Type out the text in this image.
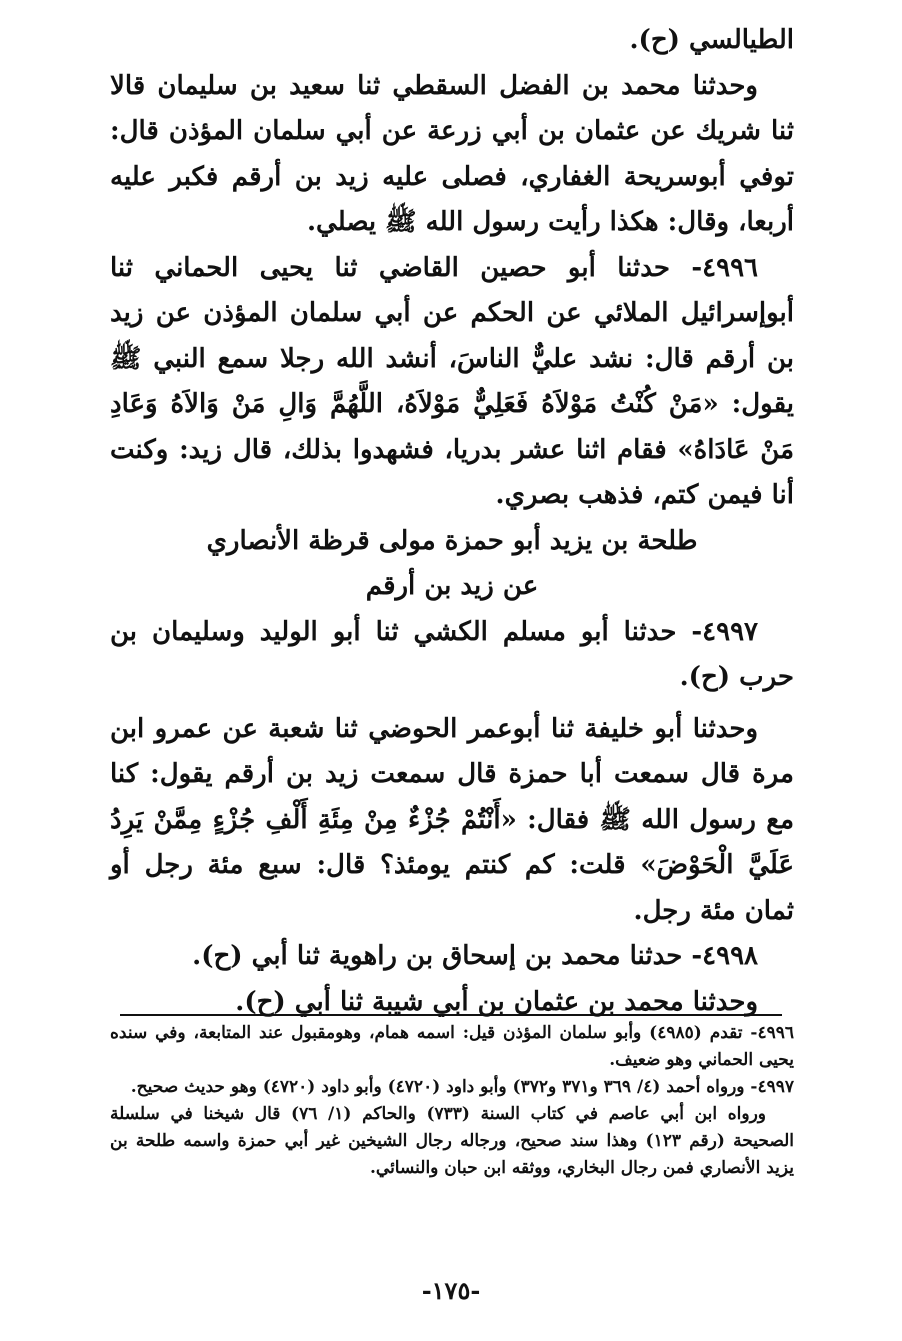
الطيالسي (ح).

وحدثنا محمد بن الفضل السقطي ثنا سعيد بن سليمان قالا ثنا شريك عن عثمان بن أبي زرعة عن أبي سلمان المؤذن قال: توفي أبوسريحة الغفاري، فصلى عليه زيد بن أرقم فكبر عليه أربعا، وقال: هكذا رأيت رسول الله ﷺ يصلي.

٤٩٩٦- حدثنا أبو حصين القاضي ثنا يحيى الحماني ثنا أبوإسرائيل الملائي عن الحكم عن أبي سلمان المؤذن عن زيد بن أرقم قال: نشد عليٌّ الناسَ، أنشد الله رجلا سمع النبي ﷺ يقول: «مَنْ كُنْتُ مَوْلاَهُ فَعَلِيٌّ مَوْلاَهُ، اللَّهُمَّ وَالِ مَنْ وَالاَهُ وَعَادِ مَنْ عَادَاهُ» فقام اثنا عشر بدريا، فشهدوا بذلك، قال زيد: وكنت أنا فيمن كتم، فذهب بصري.

طلحة بن يزيد أبو حمزة مولى قرظة الأنصاري

عن زيد بن أرقم

٤٩٩٧- حدثنا أبو مسلم الكشي ثنا أبو الوليد وسليمان بن حرب (ح).

وحدثنا أبو خليفة ثنا أبوعمر الحوضي ثنا شعبة عن عمرو ابن مرة قال سمعت أبا حمزة قال سمعت زيد بن أرقم يقول: كنا مع رسول الله ﷺ فقال: «أَنْتُمْ جُزْءٌ مِنْ مِئَةِ أَلْفِ جُزْءٍ مِمَّنْ يَرِدُ عَلَيَّ الْحَوْضَ» قلت: كم كنتم يومئذ؟ قال: سبع مئة رجل أو ثمان مئة رجل.

٤٩٩٨- حدثنا محمد بن إسحاق بن راهوية ثنا أبي (ح).

وحدثنا محمد بن عثمان بن أبي شيبة ثنا أبي (ح).

٤٩٩٦- تقدم (٤٩٨٥) وأبو سلمان المؤذن قيل: اسمه همام، وهومقبول عند المتابعة، وفي سنده يحيى الحماني وهو ضعيف.

٤٩٩٧- ورواه أحمد (٤/ ٣٦٩ و٣٧١ و٣٧٢) وأبو داود (٤٧٢٠) وأبو داود (٤٧٢٠) وهو حديث صحيح.

ورواه ابن أبي عاصم في كتاب السنة (٧٣٣) والحاكم (١/ ٧٦) قال شيخنا في سلسلة الصحيحة (رقم ١٢٣) وهذا سند صحيح، ورجاله رجال الشيخين غير أبي حمزة واسمه طلحة بن يزيد الأنصاري فمن رجال البخاري، ووثقه ابن حبان والنسائي.

-١٧٥-
